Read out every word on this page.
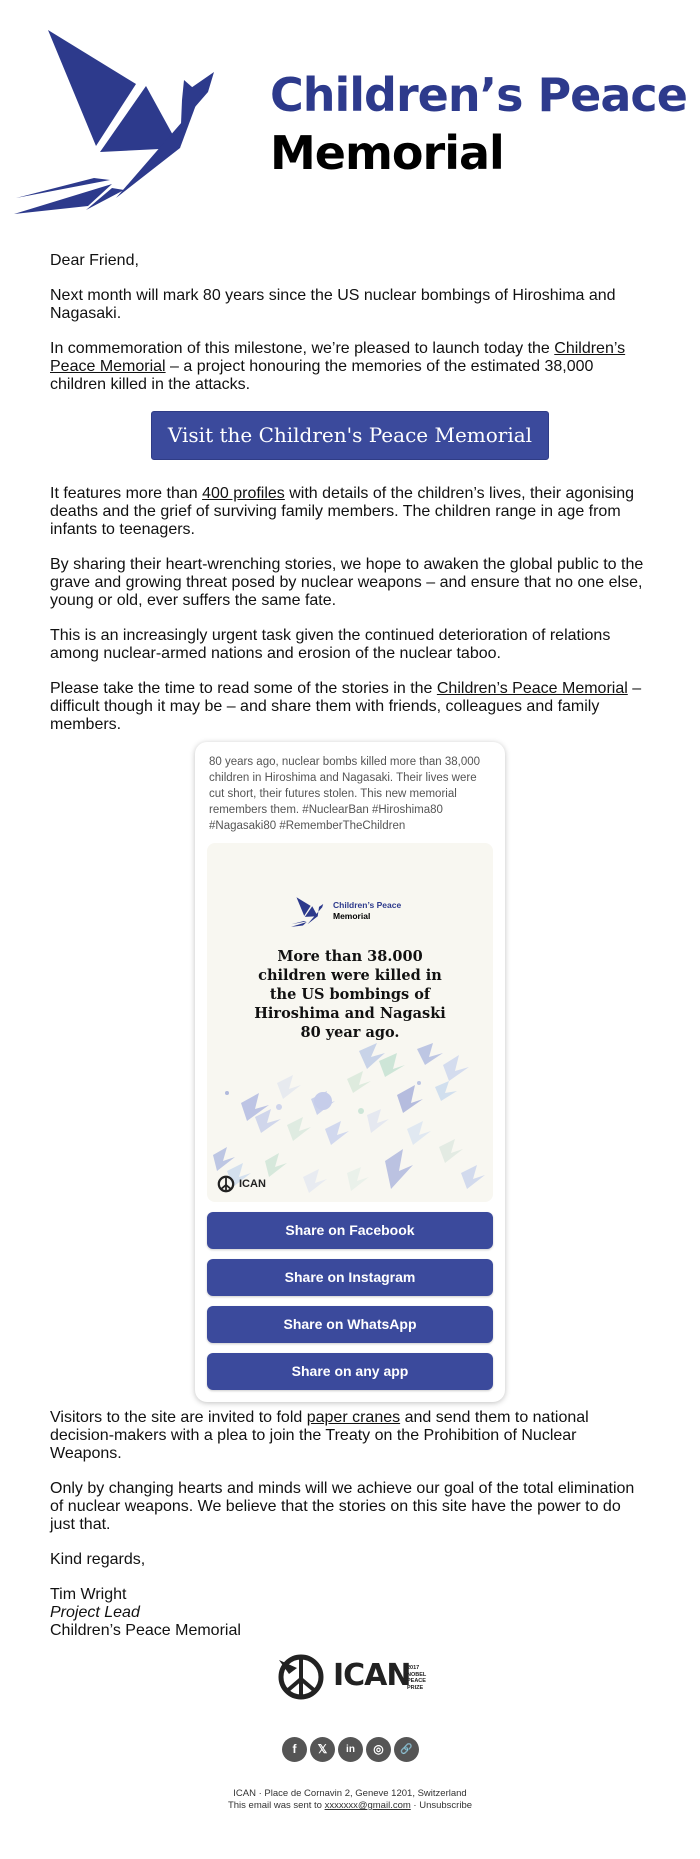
Children’s Peace
Memorial

Dear Friend,

Next month will mark 80 years since the US nuclear bombings of Hiroshima and Nagasaki.

In commemoration of this milestone, we’re pleased to launch today the Children’s Peace Memorial – a project honouring the memories of the estimated 38,000 children killed in the attacks.

Visit the Children's Peace Memorial

It features more than 400 profiles with details of the children’s lives, their agonising deaths and the grief of surviving family members. The children range in age from infants to teenagers.

By sharing their heart-wrenching stories, we hope to awaken the global public to the grave and growing threat posed by nuclear weapons – and ensure that no one else, young or old, ever suffers the same fate.

This is an increasingly urgent task given the continued deterioration of relations among nuclear-armed nations and erosion of the nuclear taboo.

Please take the time to read some of the stories in the Children’s Peace Memorial – difficult though it may be – and share them with friends, colleagues and family members.

80 years ago, nuclear bombs killed more than 38,000 children in Hiroshima and Nagasaki. Their lives were cut short, their futures stolen. This new memorial remembers them. #NuclearBan #Hiroshima80 #Nagasaki80 #RememberTheChildren

Children’s Peace
Memorial
More than 38.000 children were killed in the US bombings of Hiroshima and Nagaski 80 year ago.
ICAN
Share on Facebook
Share on Instagram
Share on WhatsApp
Share on any app

Visitors to the site are invited to fold paper cranes and send them to national decision-makers with a plea to join the Treaty on the Prohibition of Nuclear Weapons.

Only by changing hearts and minds will we achieve our goal of the total elimination of nuclear weapons. We believe that the stories on this site have the power to do just that.

Kind regards,

Tim Wright
Project Lead
Children’s Peace Memorial

ICAN
2017
NOBEL
PEACE
PRIZE
f	𝕏	in	◎	🔗
ICAN · Place de Cornavin 2, Geneve 1201, Switzerland
This email was sent to xxxxxxx@gmail.com · Unsubscribe
